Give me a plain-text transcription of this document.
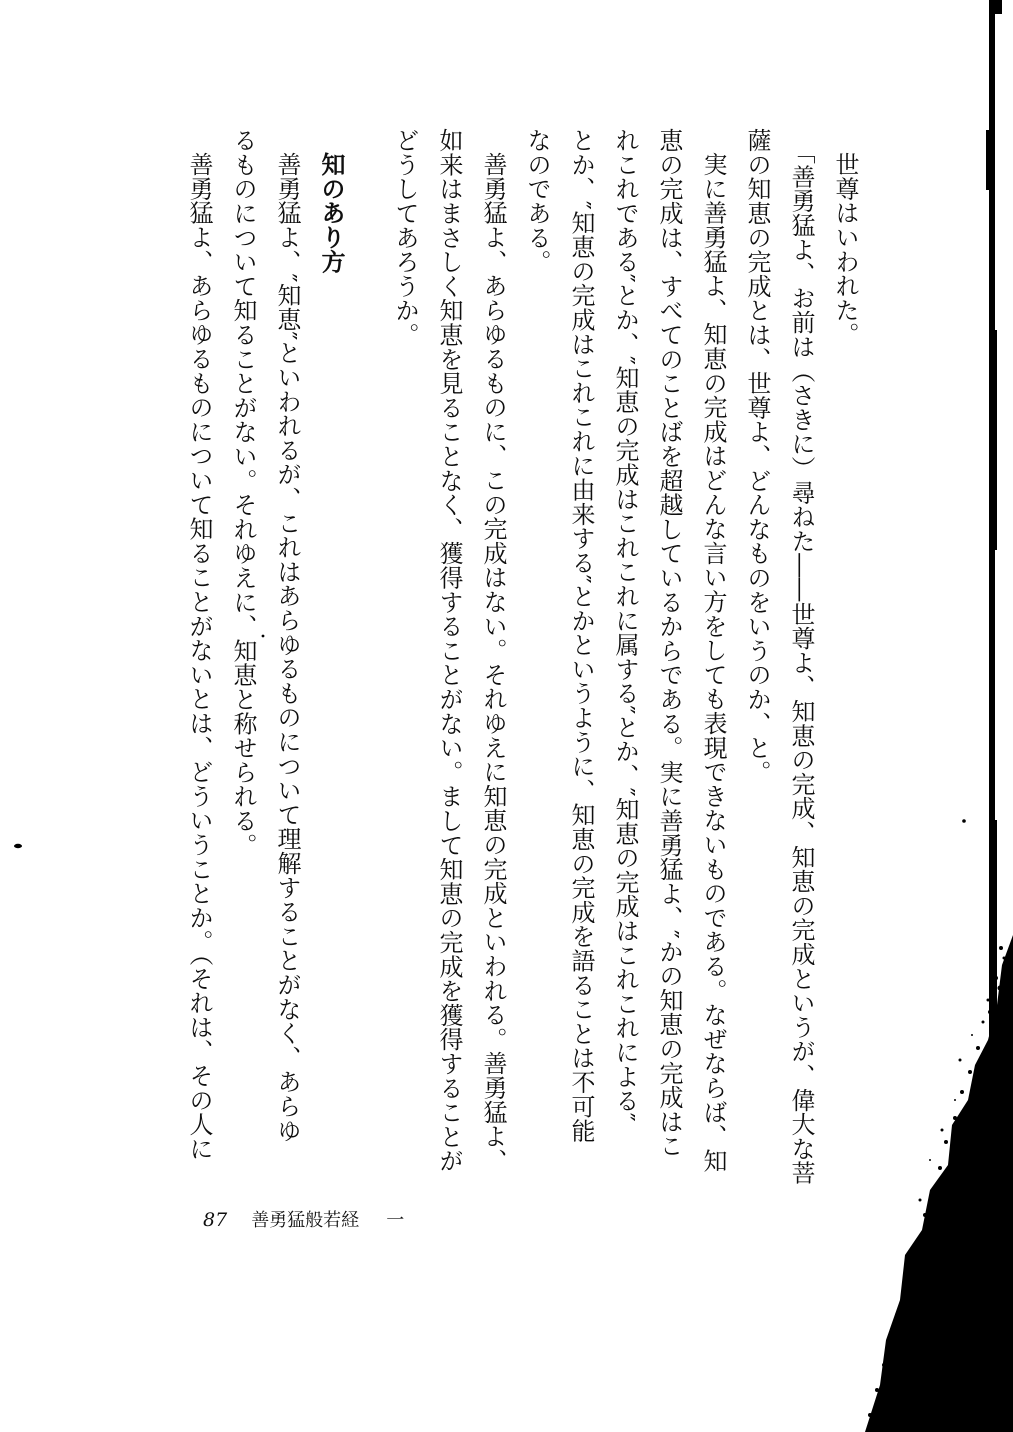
世尊はいわれた。
「善勇猛よ、お前は（さきに）尋ねた――世尊よ、知恵の完成、知恵の完成というが、偉大な菩
薩の知恵の完成とは、世尊よ、どんなものをいうのか、と。
実に善勇猛よ、知恵の完成はどんな言い方をしても表現できないものである。なぜならば、知
恵の完成は、すべてのことばを超越しているからである。実に善勇猛よ、″かの知恵の完成はこ
れこれである″とか、″知恵の完成はこれこれに属する″とか、″知恵の完成はこれこれによる″
とか、″知恵の完成はこれこれに由来する″とかというように、知恵の完成を語ることは不可能
なのである。
善勇猛よ、あらゆるものに、この完成はない。それゆえに知恵の完成といわれる。善勇猛よ、
如来はまさしく知恵を見ることなく、獲得することがない。まして知恵の完成を獲得することが
どうしてあろうか。
知のあり方
善勇猛よ、″知恵″といわれるが、これはあらゆるものについて理解することがなく、あらゆ
るものについて知ることがない。それゆえに、知恵と称せられる。
善勇猛よ、あらゆるものについて知ることがないとは、どういうことか。（それは、その人に
87 善勇猛般若経 一
